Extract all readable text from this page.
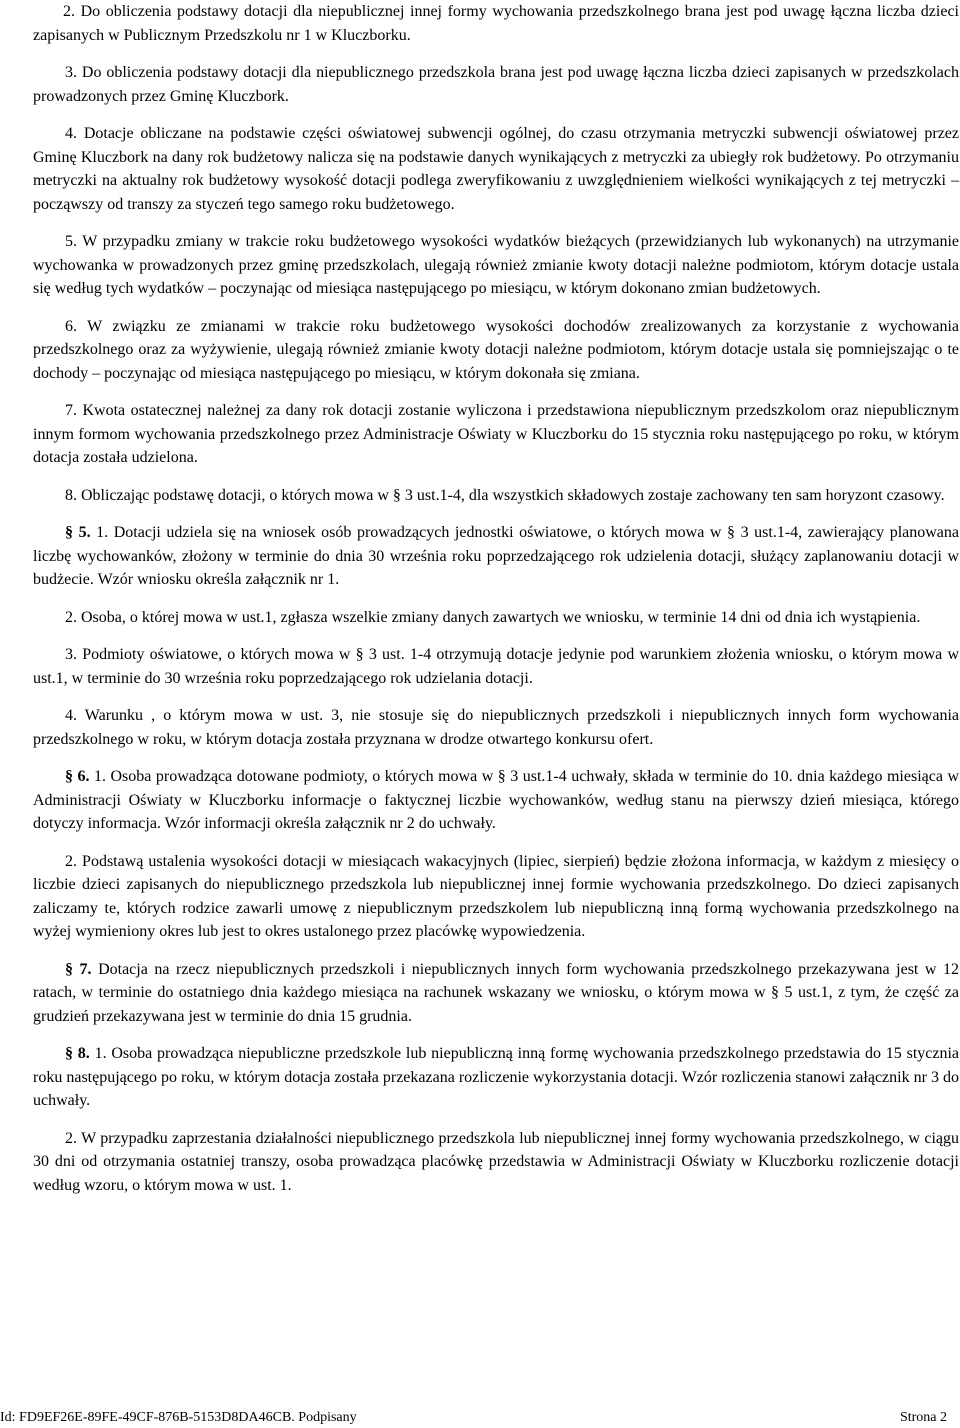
2. Do obliczenia podstawy dotacji dla niepublicznej innej formy wychowania przedszkolnego brana jest pod uwagę łączna liczba dzieci zapisanych w Publicznym Przedszkolu nr 1 w Kluczborku.

3. Do obliczenia podstawy dotacji dla niepublicznego przedszkola brana jest pod uwagę łączna liczba dzieci zapisanych w przedszkolach prowadzonych przez Gminę Kluczbork.

4. Dotacje obliczane na podstawie części oświatowej subwencji ogólnej, do czasu otrzymania metryczki subwencji oświatowej przez Gminę Kluczbork na dany rok budżetowy nalicza się na podstawie danych wynikających z metryczki za ubiegły rok budżetowy. Po otrzymaniu metryczki na aktualny rok budżetowy wysokość dotacji podlega zweryfikowaniu z uwzględnieniem wielkości wynikających z tej metryczki – począwszy od transzy za styczeń tego samego roku budżetowego.

5. W przypadku zmiany w trakcie roku budżetowego wysokości wydatków bieżących (przewidzianych lub wykonanych) na utrzymanie wychowanka w prowadzonych przez gminę przedszkolach, ulegają również zmianie kwoty dotacji należne podmiotom, którym dotacje ustala się według tych wydatków – poczynając od miesiąca następującego po miesiącu, w którym dokonano zmian budżetowych.

6. W związku ze zmianami w trakcie roku budżetowego wysokości dochodów zrealizowanych za korzystanie z wychowania przedszkolnego oraz za wyżywienie, ulegają również zmianie kwoty dotacji należne podmiotom, którym dotacje ustala się pomniejszając o te dochody – poczynając od miesiąca następującego po miesiącu, w którym dokonała się zmiana.

7. Kwota ostatecznej należnej za dany rok dotacji zostanie wyliczona i przedstawiona niepublicznym przedszkolom oraz niepublicznym innym formom wychowania przedszkolnego przez Administracje Oświaty w Kluczborku do 15 stycznia roku następującego po roku, w którym dotacja została udzielona.

8. Obliczając podstawę dotacji, o których mowa w § 3 ust.1-4, dla wszystkich składowych zostaje zachowany ten sam horyzont czasowy.

§ 5. 1. Dotacji udziela się na wniosek osób prowadzących jednostki oświatowe, o których mowa w § 3 ust.1-4, zawierający planowana liczbę wychowanków, złożony w terminie do dnia 30 września roku poprzedzającego rok udzielenia dotacji, służący zaplanowaniu dotacji w budżecie. Wzór wniosku określa załącznik nr 1.

2. Osoba, o której mowa w ust.1, zgłasza wszelkie zmiany danych zawartych we wniosku, w terminie 14 dni od dnia ich wystąpienia.

3. Podmioty oświatowe, o których mowa w § 3 ust. 1-4 otrzymują dotacje jedynie pod warunkiem złożenia wniosku, o którym mowa w ust.1, w terminie do 30 września roku poprzedzającego rok udzielania dotacji.

4. Warunku , o którym mowa w ust. 3, nie stosuje się do niepublicznych przedszkoli i niepublicznych innych form wychowania przedszkolnego w roku, w którym dotacja została przyznana w drodze otwartego konkursu ofert.

§ 6. 1. Osoba prowadząca dotowane podmioty, o których mowa w § 3 ust.1-4 uchwały, składa w terminie do 10. dnia każdego miesiąca w Administracji Oświaty w Kluczborku informacje o faktycznej liczbie wychowanków, według stanu na pierwszy dzień miesiąca, którego dotyczy informacja. Wzór informacji określa załącznik nr 2 do uchwały.

2. Podstawą ustalenia wysokości dotacji w miesiącach wakacyjnych (lipiec, sierpień) będzie złożona informacja, w każdym z miesięcy o liczbie dzieci zapisanych do niepublicznego przedszkola lub niepublicznej innej formie wychowania przedszkolnego. Do dzieci zapisanych zaliczamy te, których rodzice zawarli umowę z niepublicznym przedszkolem lub niepubliczną inną formą wychowania przedszkolnego na wyżej wymieniony okres lub jest to okres ustalonego przez placówkę wypowiedzenia.

§ 7. Dotacja na rzecz niepublicznych przedszkoli i niepublicznych innych form wychowania przedszkolnego przekazywana jest w 12 ratach, w terminie do ostatniego dnia każdego miesiąca na rachunek wskazany we wniosku, o którym mowa w § 5 ust.1, z tym, że część za grudzień przekazywana jest w terminie do dnia 15 grudnia.

§ 8. 1. Osoba prowadząca niepubliczne przedszkole lub niepubliczną inną formę wychowania przedszkolnego przedstawia do 15 stycznia roku następującego po roku, w którym dotacja została przekazana rozliczenie wykorzystania dotacji. Wzór rozliczenia stanowi załącznik nr 3 do uchwały.

2. W przypadku zaprzestania działalności niepublicznego przedszkola lub niepublicznej innej formy wychowania przedszkolnego, w ciągu 30 dni od otrzymania ostatniej transzy, osoba prowadząca placówkę przedstawia w Administracji Oświaty w Kluczborku rozliczenie dotacji według wzoru, o którym mowa w ust. 1.

Id: FD9EF26E-89FE-49CF-876B-5153D8DA46CB. Podpisany	Strona 2
